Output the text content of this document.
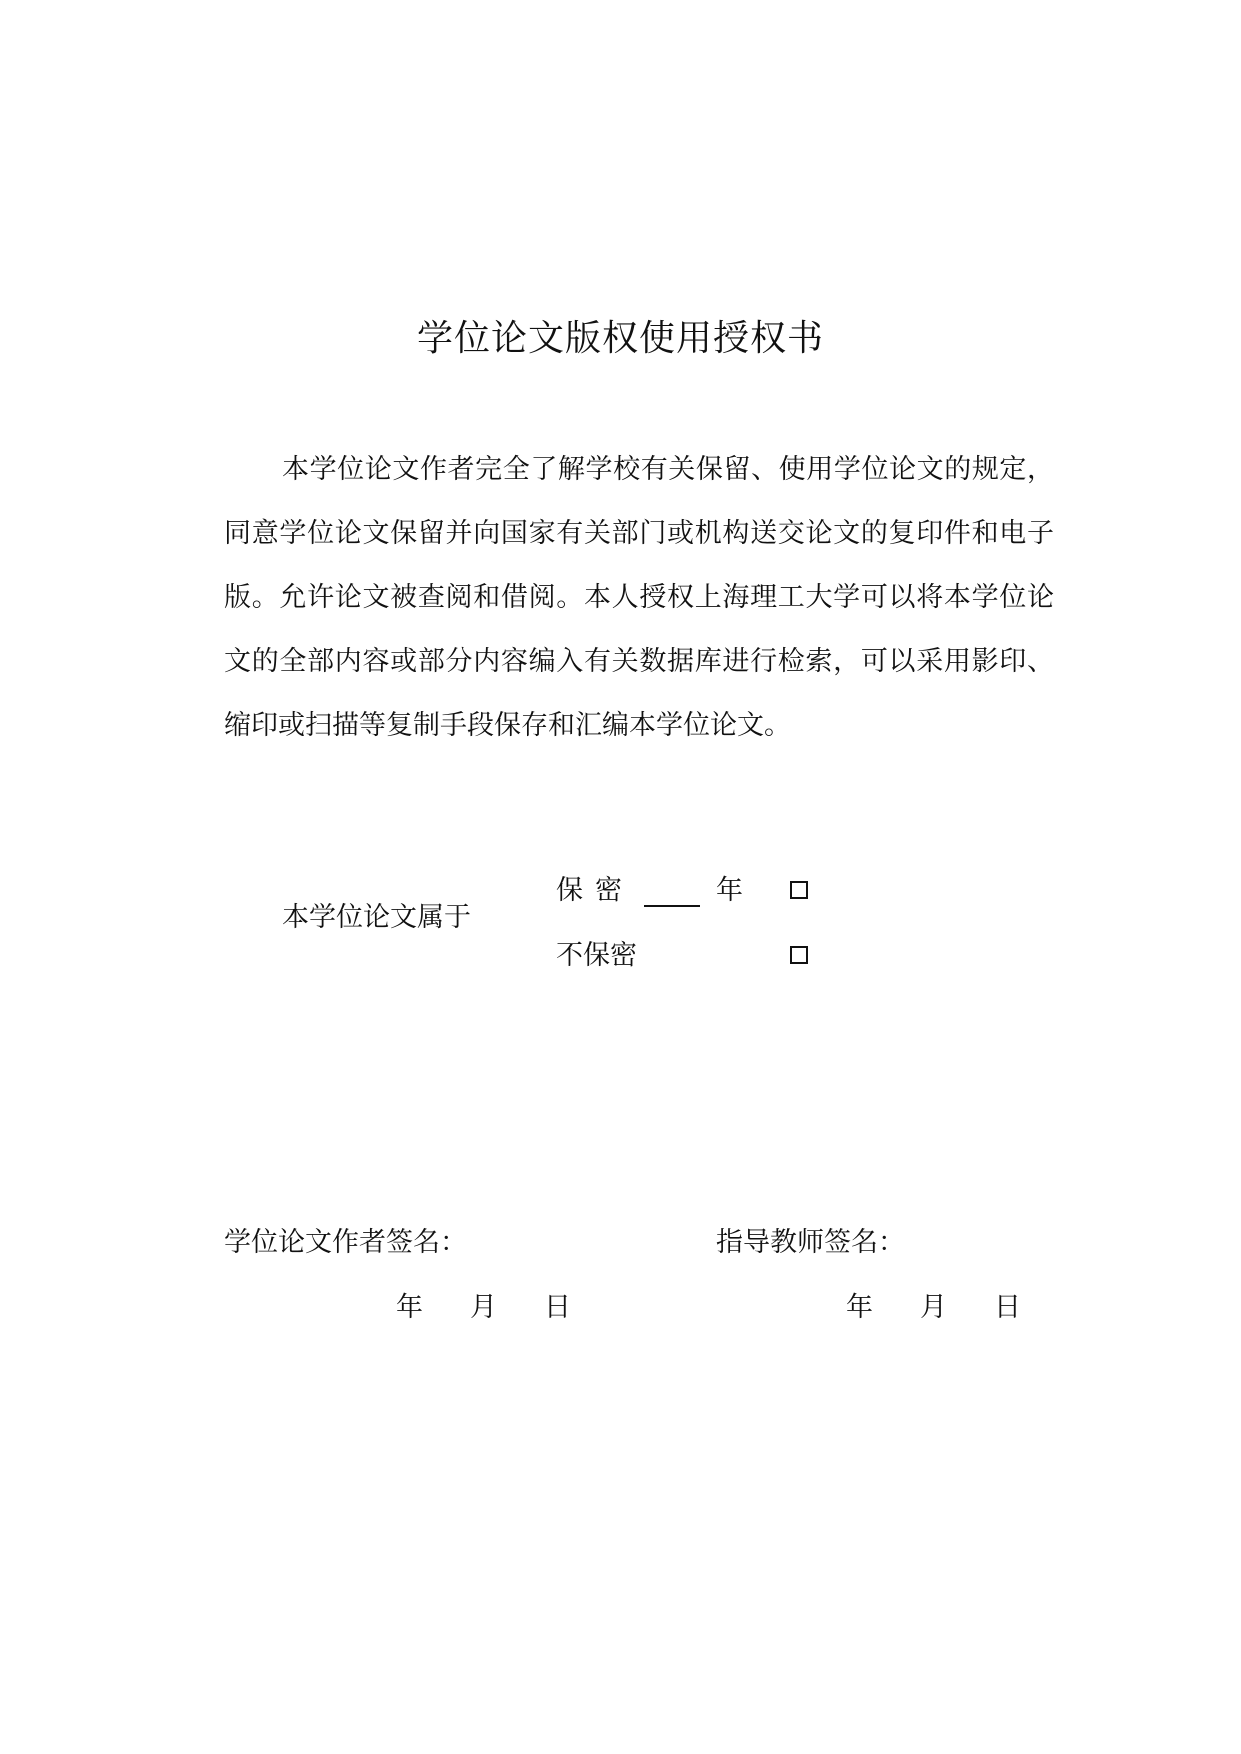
学位论文版权使用授权书
本学位论文作者完全了解学校有关保留、使用学位论文的规定，同意学位论文保留并向国家有关部门或机构送交论文的复印件和电子版。允许论文被查阅和借阅。本人授权上海理工大学可以将本学位论文的全部内容或部分内容编入有关数据库进行检索，可以采用影印、缩印或扫描等复制手段保存和汇编本学位论文。
本学位论文属于
保密	年
不保密
学位论文作者签名：	指导教师签名：
年 月 日	年 月 日
